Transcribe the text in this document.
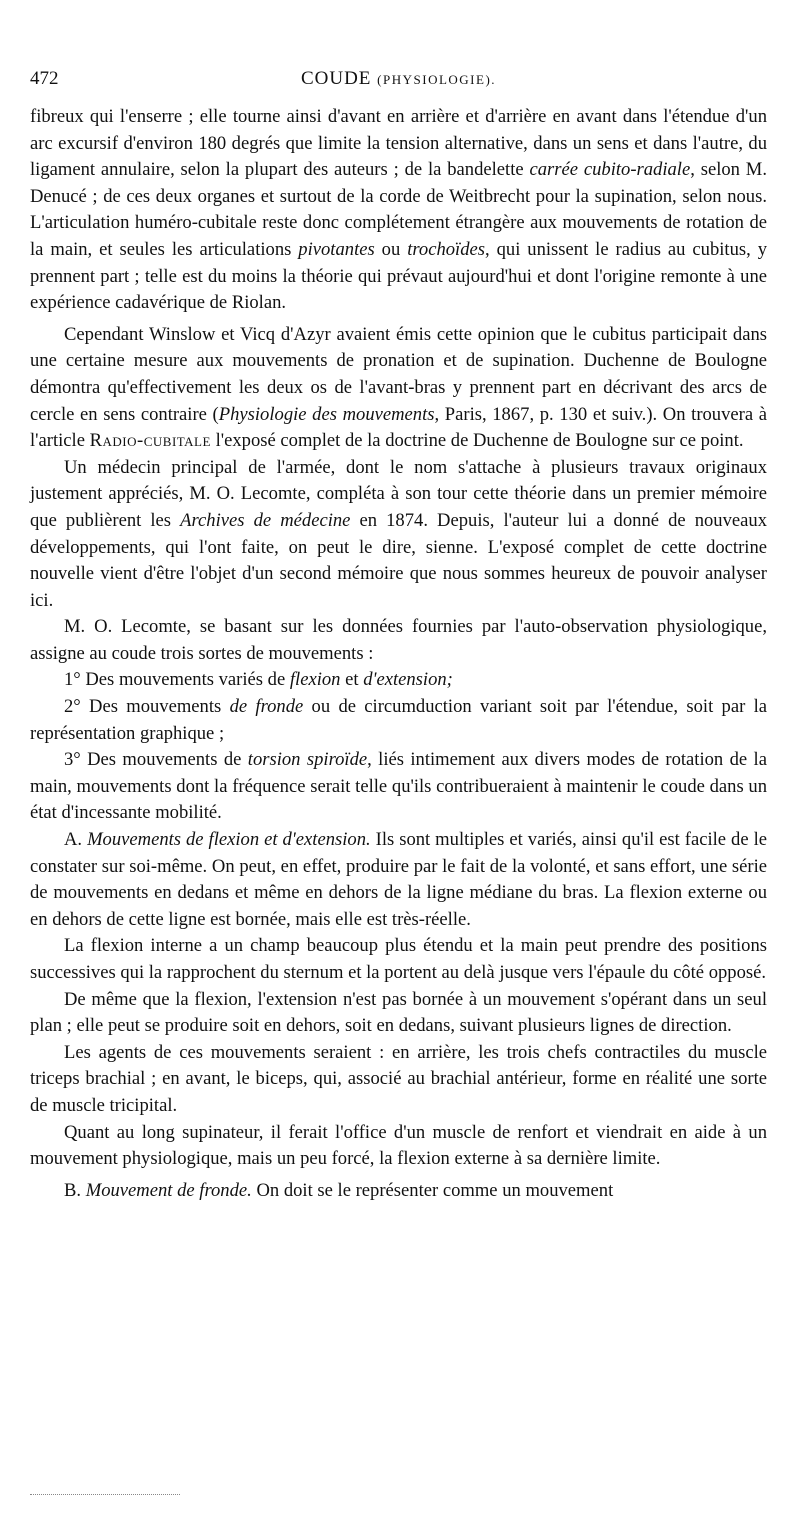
472	COUDE (PHYSIOLOGIE).

fibreux qui l'enserre ; elle tourne ainsi d'avant en arrière et d'arrière en avant dans l'étendue d'un arc excursif d'environ 180 degrés que limite la tension alternative, dans un sens et dans l'autre, du ligament annulaire, selon la plupart des auteurs ; de la bandelette carrée cubito-radiale, selon M. Denucé ; de ces deux organes et surtout de la corde de Weitbrecht pour la supination, selon nous. L'articulation huméro-cubitale reste donc complétement étrangère aux mouvements de rotation de la main, et seules les articulations pivotantes ou trochoïdes, qui unissent le radius au cubitus, y prennent part ; telle est du moins la théorie qui prévaut aujourd'hui et dont l'origine remonte à une expérience cadavérique de Riolan.

Cependant Winslow et Vicq d'Azyr avaient émis cette opinion que le cubitus participait dans une certaine mesure aux mouvements de pronation et de supination. Duchenne de Boulogne démontra qu'effectivement les deux os de l'avant-bras y prennent part en décrivant des arcs de cercle en sens contraire (Physiologie des mouvements, Paris, 1867, p. 130 et suiv.). On trouvera à l'article Radio-cubitale l'exposé complet de la doctrine de Duchenne de Boulogne sur ce point.

Un médecin principal de l'armée, dont le nom s'attache à plusieurs travaux originaux justement appréciés, M. O. Lecomte, compléta à son tour cette théorie dans un premier mémoire que publièrent les Archives de médecine en 1874. Depuis, l'auteur lui a donné de nouveaux développements, qui l'ont faite, on peut le dire, sienne. L'exposé complet de cette doctrine nouvelle vient d'être l'objet d'un second mémoire que nous sommes heureux de pouvoir analyser ici.

M. O. Lecomte, se basant sur les données fournies par l'auto-observation physiologique, assigne au coude trois sortes de mouvements :

1° Des mouvements variés de flexion et d'extension;

2° Des mouvements de fronde ou de circumduction variant soit par l'étendue, soit par la représentation graphique ;

3° Des mouvements de torsion spiroïde, liés intimement aux divers modes de rotation de la main, mouvements dont la fréquence serait telle qu'ils contribueraient à maintenir le coude dans un état d'incessante mobilité.

A. Mouvements de flexion et d'extension. Ils sont multiples et variés, ainsi qu'il est facile de le constater sur soi-même. On peut, en effet, produire par le fait de la volonté, et sans effort, une série de mouvements en dedans et même en dehors de la ligne médiane du bras. La flexion externe ou en dehors de cette ligne est bornée, mais elle est très-réelle.

La flexion interne a un champ beaucoup plus étendu et la main peut prendre des positions successives qui la rapprochent du sternum et la portent au delà jusque vers l'épaule du côté opposé.

De même que la flexion, l'extension n'est pas bornée à un mouvement s'opérant dans un seul plan ; elle peut se produire soit en dehors, soit en dedans, suivant plusieurs lignes de direction.

Les agents de ces mouvements seraient : en arrière, les trois chefs contractiles du muscle triceps brachial ; en avant, le biceps, qui, associé au brachial antérieur, forme en réalité une sorte de muscle tricipital.

Quant au long supinateur, il ferait l'office d'un muscle de renfort et viendrait en aide à un mouvement physiologique, mais un peu forcé, la flexion externe à sa dernière limite.

B. Mouvement de fronde. On doit se le représenter comme un mouvement
